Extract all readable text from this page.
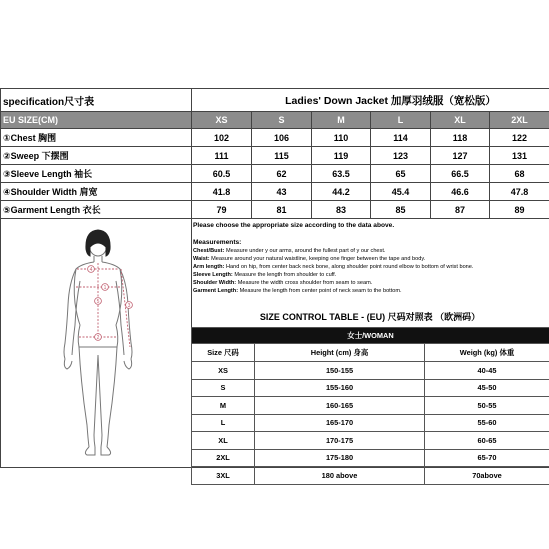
specification尺寸表	Ladies' Down Jacket 加厚羽绒服（宽松版）					
EU SIZE(CM)	XS	S	M	L	XL	2XL
①Chest 胸围	102	106	110	114	118	122
②Sweep 下摆围	111	115	119	123	127	131
③Sleeve Length 袖长	60.5	62	63.5	65	66.5	68
④Shoulder Width 肩宽	41.8	43	44.2	45.4	46.6	47.8
⑤Garment Length 衣长	79	81	83	85	87	89
1
2
3
4
5
Please choose the appropriate size according to the data above.
Measurements:
Chest/Bust: Measure under y our arms, around the fullest part of y our chest.
Waist: Measure around your natural waistline, keeping one finger between the tape and body.
Arm length: Hand on hip, from center back neck bone, along shoulder point round elbow to bottom of wrist bone.
Sleeve Length: Measure the length from shoulder to cuff.
Shoulder Width: Measure the width cross shoulder from seam to seam.
Garment Length: Measure the length from center point of neck seam to the bottom.
SIZE CONTROL TABLE - (EU) 尺码对照表 （欧洲码）
女士/WOMAN		
Size 尺码	Height (cm) 身高	Weigh (kg) 体重
XS	150-155	40-45
S	155-160	45-50
M	160-165	50-55
L	165-170	55-60
XL	170-175	60-65
2XL	175-180	65-70
3XL	180 above	70above
